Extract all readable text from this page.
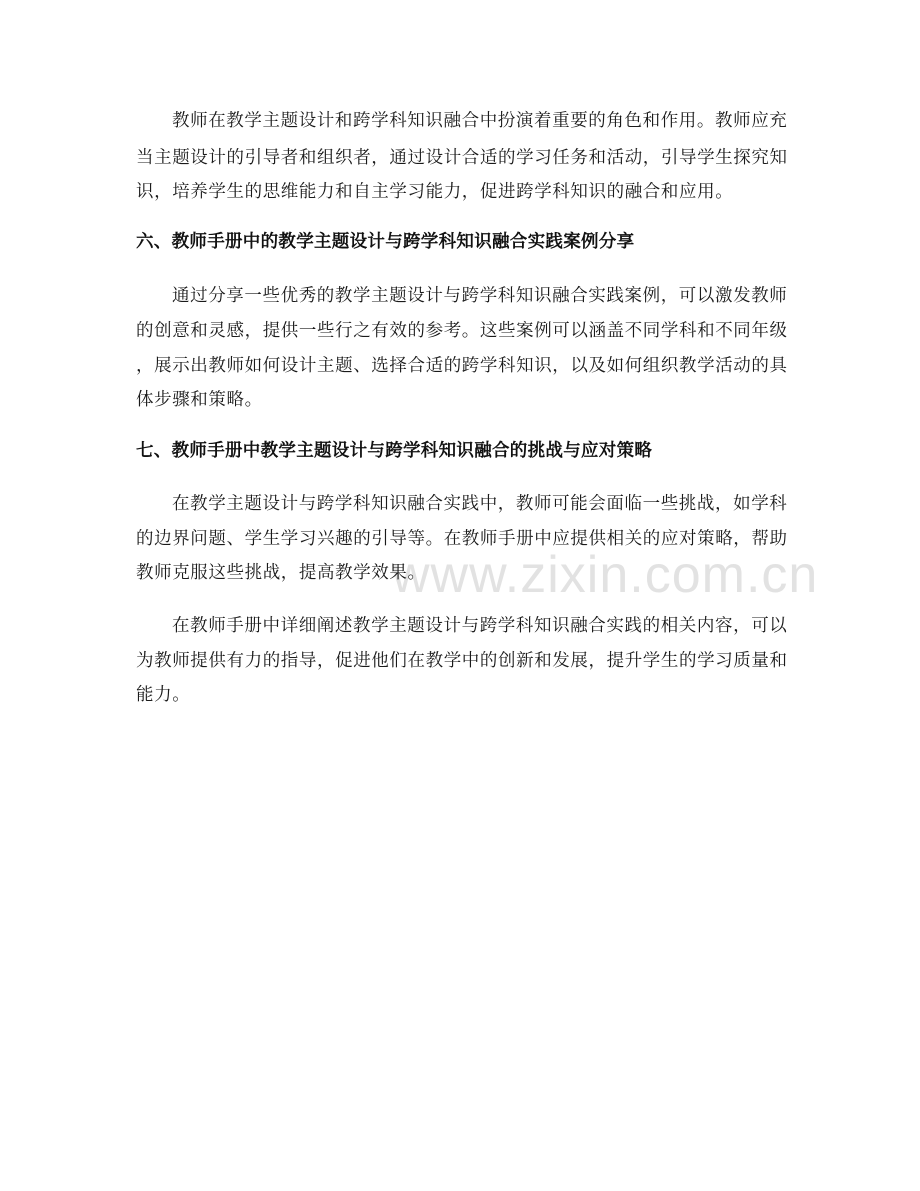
www.zixin.com.cn
教师在教学主题设计和跨学科知识融合中扮演着重要的角色和作用。教师应充
当主题设计的引导者和组织者，通过设计合适的学习任务和活动，引导学生探究知
识，培养学生的思维能力和自主学习能力，促进跨学科知识的融合和应用。
六、教师手册中的教学主题设计与跨学科知识融合实践案例分享
通过分享一些优秀的教学主题设计与跨学科知识融合实践案例，可以激发教师
的创意和灵感，提供一些行之有效的参考。这些案例可以涵盖不同学科和不同年级
，展示出教师如何设计主题、选择合适的跨学科知识，以及如何组织教学活动的具
体步骤和策略。
七、教师手册中教学主题设计与跨学科知识融合的挑战与应对策略
在教学主题设计与跨学科知识融合实践中，教师可能会面临一些挑战，如学科
的边界问题、学生学习兴趣的引导等。在教师手册中应提供相关的应对策略，帮助
教师克服这些挑战，提高教学效果。
在教师手册中详细阐述教学主题设计与跨学科知识融合实践的相关内容，可以
为教师提供有力的指导，促进他们在教学中的创新和发展，提升学生的学习质量和
能力。
